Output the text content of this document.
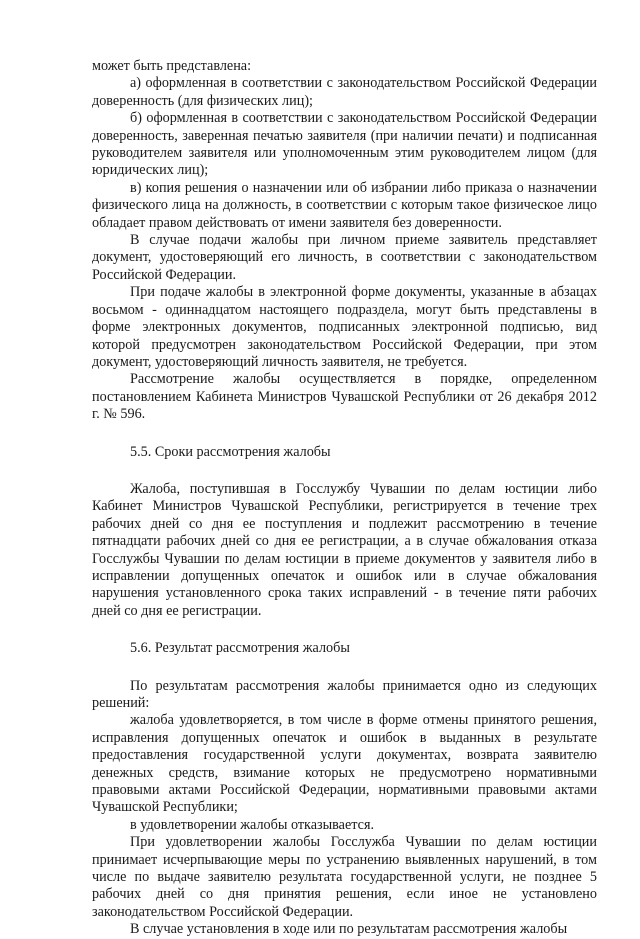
может быть представлена:

а) оформленная в соответствии с законодательством Российской Федерации доверенность (для физических лиц);

б) оформленная в соответствии с законодательством Российской Федерации доверенность, заверенная печатью заявителя (при наличии печати) и подписанная руководителем заявителя или уполномоченным этим руководителем лицом (для юридических лиц);

в) копия решения о назначении или об избрании либо приказа о назначении физического лица на должность, в соответствии с которым такое физическое лицо обладает правом действовать от имени заявителя без доверенности.

В случае подачи жалобы при личном приеме заявитель представляет документ, удостоверяющий его личность, в соответствии с законодательством Российской Федерации.

При подаче жалобы в электронной форме документы, указанные в абзацах восьмом - одиннадцатом настоящего подраздела, могут быть представлены в форме электронных документов, подписанных электронной подписью, вид которой предусмотрен законодательством Российской Федерации, при этом документ, удостоверяющий личность заявителя, не требуется.

Рассмотрение жалобы осуществляется в порядке, определенном постановлением Кабинета Министров Чувашской Республики от 26 декабря 2012 г. № 596.

5.5. Сроки рассмотрения жалобы

Жалоба, поступившая в Госслужбу Чувашии по делам юстиции либо Кабинет Министров Чувашской Республики, регистрируется в течение трех рабочих дней со дня ее поступления и подлежит рассмотрению в течение пятнадцати рабочих дней со дня ее регистрации, а в случае обжалования отказа Госслужбы Чувашии по делам юстиции в приеме документов у заявителя либо в исправлении допущенных опечаток и ошибок или в случае обжалования нарушения установленного срока таких исправлений - в течение пяти рабочих дней со дня ее регистрации.

5.6. Результат рассмотрения жалобы

По результатам рассмотрения жалобы принимается одно из следующих решений:

жалоба удовлетворяется, в том числе в форме отмены принятого решения, исправления допущенных опечаток и ошибок в выданных в результате предоставления государственной услуги документах, возврата заявителю денежных средств, взимание которых не предусмотрено нормативными правовыми актами Российской Федерации, нормативными правовыми актами Чувашской Республики;

в удовлетворении жалобы отказывается.

При удовлетворении жалобы Госслужба Чувашии по делам юстиции принимает исчерпывающие меры по устранению выявленных нарушений, в том числе по выдаче заявителю результата государственной услуги, не позднее 5 рабочих дней со дня принятия решения, если иное не установлено законодательством Российской Федерации.

В случае установления в ходе или по результатам рассмотрения жалобы
